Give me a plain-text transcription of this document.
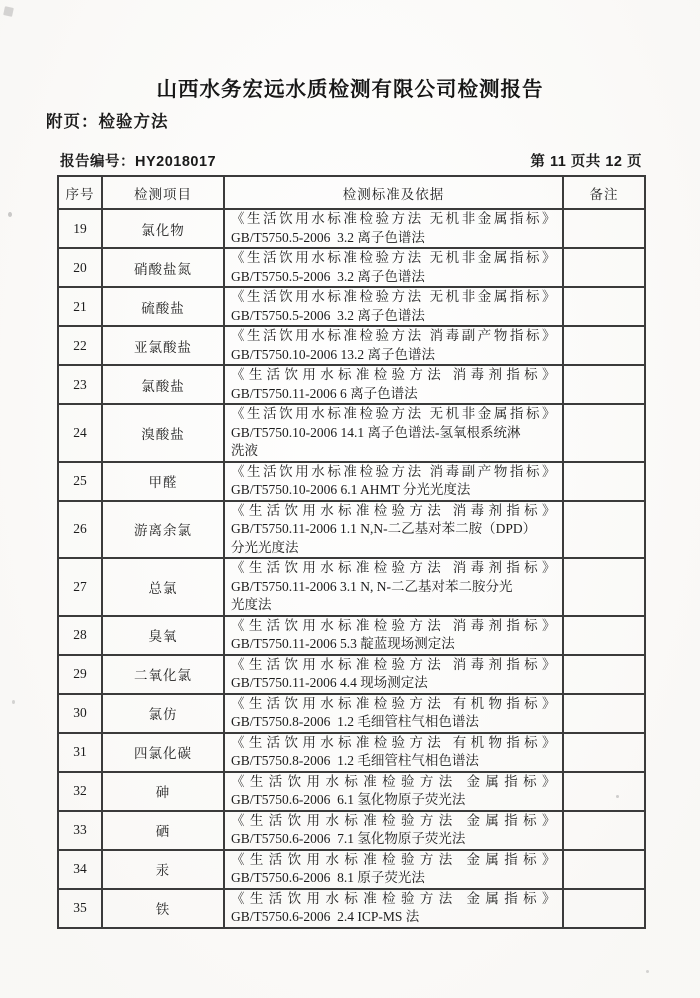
山西水务宏远水质检测有限公司检测报告
附页：检验方法
报告编号：HY2018017	第 11 页共 12 页
序号	检测项目	检测标准及依据	备注
19	氯化物	《生活饮用水标准检验方法 无机非金属指标》
GB/T5750.5-2006  3.2 离子色谱法	

20	硝酸盐氮	《生活饮用水标准检验方法 无机非金属指标》
GB/T5750.5-2006  3.2 离子色谱法	

21	硫酸盐	《生活饮用水标准检验方法 无机非金属指标》
GB/T5750.5-2006  3.2 离子色谱法	

22	亚氯酸盐	《生活饮用水标准检验方法 消毒副产物指标》
GB/T5750.10-2006 13.2 离子色谱法	

23	氯酸盐	《生活饮用水标准检验方法 消毒剂指标》
GB/T5750.11-2006 6 离子色谱法	

24	溴酸盐	《生活饮用水标准检验方法 无机非金属指标》
GB/T5750.10-2006 14.1 离子色谱法-氢氧根系统淋
洗液	

25	甲醛	《生活饮用水标准检验方法 消毒副产物指标》
GB/T5750.10-2006 6.1 AHMT 分光光度法	

26	游离余氯	《生活饮用水标准检验方法 消毒剂指标》
GB/T5750.11-2006 1.1 N,N-二乙基对苯二胺（DPD）
分光光度法	

27	总氯	《生活饮用水标准检验方法 消毒剂指标》
GB/T5750.11-2006 3.1 N, N-二乙基对苯二胺分光
光度法	

28	臭氧	《生活饮用水标准检验方法 消毒剂指标》
GB/T5750.11-2006 5.3 靛蓝现场测定法	

29	二氧化氯	《生活饮用水标准检验方法 消毒剂指标》
GB/T5750.11-2006 4.4 现场测定法	

30	氯仿	《生活饮用水标准检验方法 有机物指标》
GB/T5750.8-2006  1.2 毛细管柱气相色谱法	

31	四氯化碳	《生活饮用水标准检验方法 有机物指标》
GB/T5750.8-2006  1.2 毛细管柱气相色谱法	

32	砷	《生活饮用水标准检验方法 金属指标》
GB/T5750.6-2006  6.1 氢化物原子荧光法	

33	硒	《生活饮用水标准检验方法 金属指标》
GB/T5750.6-2006  7.1 氢化物原子荧光法	

34	汞	《生活饮用水标准检验方法 金属指标》
GB/T5750.6-2006  8.1 原子荧光法	

35	铁	《生活饮用水标准检验方法 金属指标》
GB/T5750.6-2006  2.4 ICP-MS 法	
